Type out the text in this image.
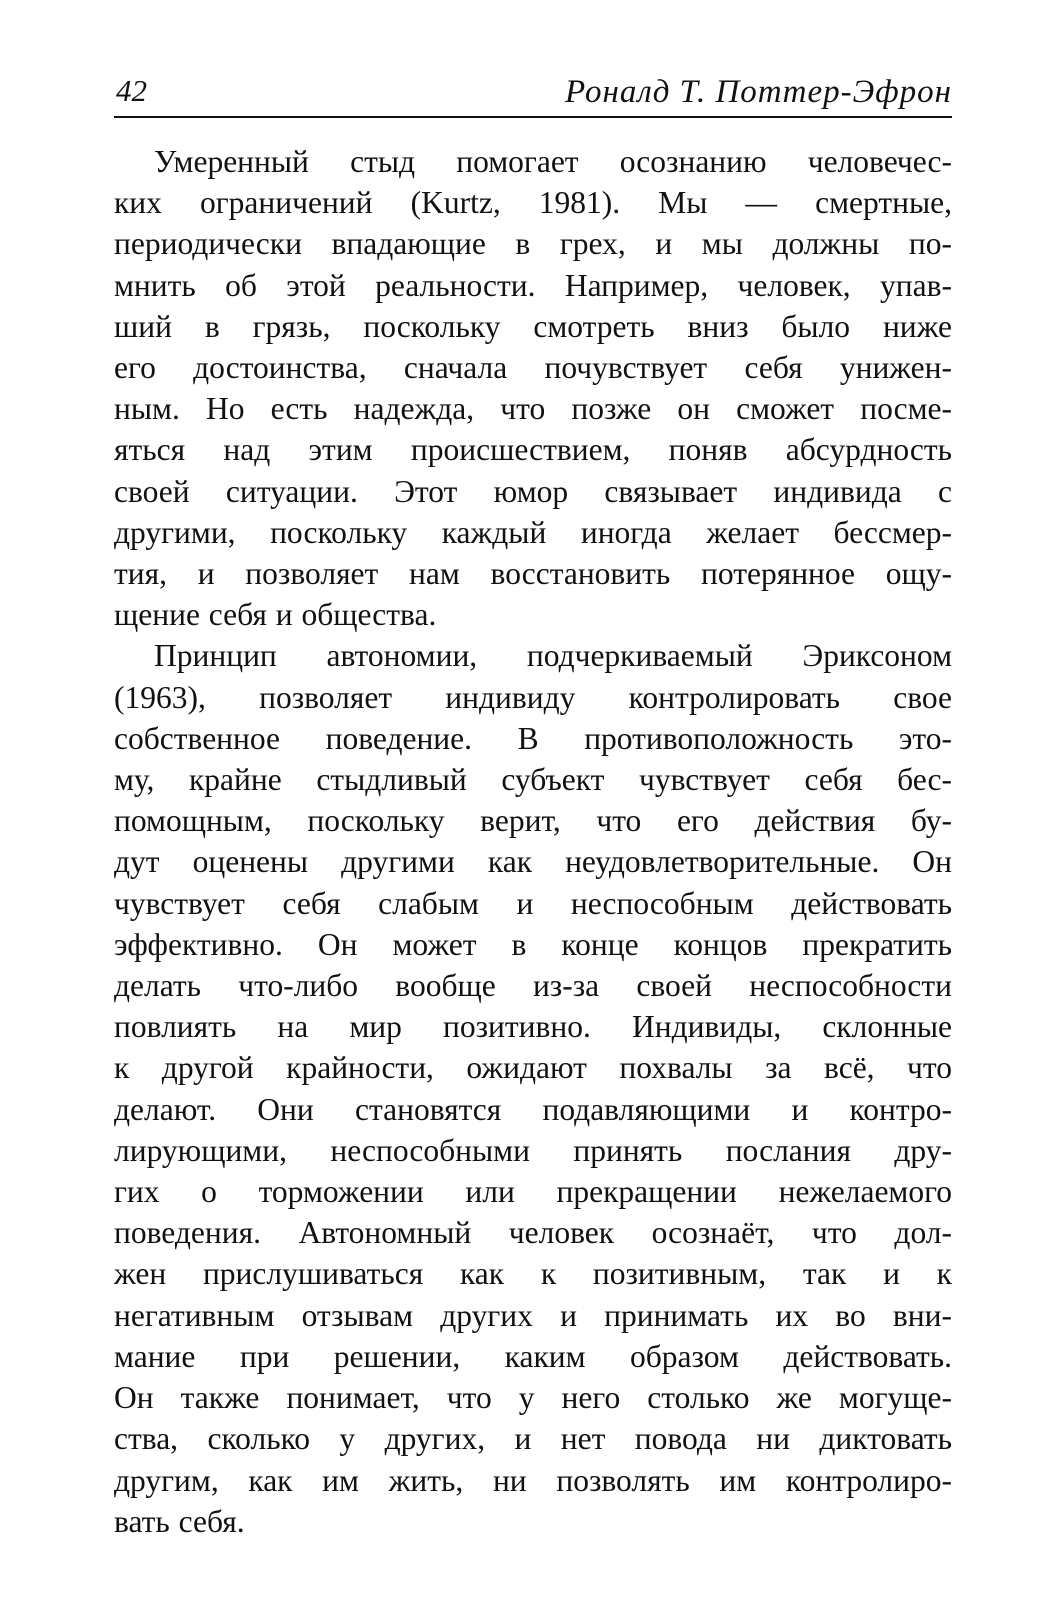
42	Роналд Т. Поттер-Эфрон

Умеренный стыд помогает осознанию человечес-
ких ограничений (Kurtz, 1981). Мы — смертные,
периодически впадающие в грех, и мы должны по-
мнить об этой реальности. Например, человек, упав-
ший в грязь, поскольку смотреть вниз было ниже
его достоинства, сначала почувствует себя унижен-
ным. Но есть надежда, что позже он сможет посме-
яться над этим происшествием, поняв абсурдность
своей ситуации. Этот юмор связывает индивида с
другими, поскольку каждый иногда желает бессмер-
тия, и позволяет нам восстановить потерянное ощу-
щение себя и общества.

Принцип автономии, подчеркиваемый Эриксоном
(1963), позволяет индивиду контролировать свое
собственное поведение. В противоположность это-
му, крайне стыдливый субъект чувствует себя бес-
помощным, поскольку верит, что его действия бу-
дут оценены другими как неудовлетворительные. Он
чувствует себя слабым и неспособным действовать
эффективно. Он может в конце концов прекратить
делать что-либо вообще из-за своей неспособности
повлиять на мир позитивно. Индивиды, склонные
к другой крайности, ожидают похвалы за всё, что
делают. Они становятся подавляющими и контро-
лирующими, неспособными принять послания дру-
гих о торможении или прекращении нежелаемого
поведения. Автономный человек осознаёт, что дол-
жен прислушиваться как к позитивным, так и к
негативным отзывам других и принимать их во вни-
мание при решении, каким образом действовать.
Он также понимает, что у него столько же могуще-
ства, сколько у других, и нет повода ни диктовать
другим, как им жить, ни позволять им контролиро-
вать себя.
